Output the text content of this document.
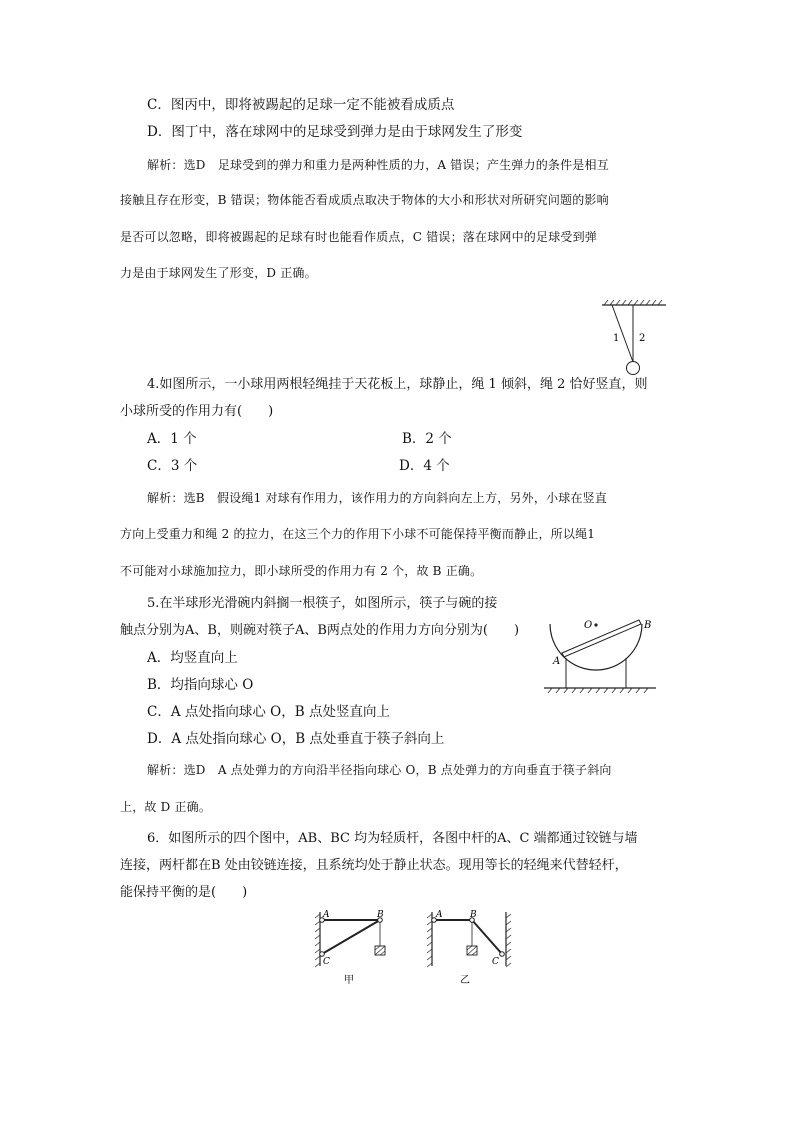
C．图丙中，即将被踢起的足球一定不能被看成质点
D．图丁中，落在球网中的足球受到弹力是由于球网发生了形变
解析：选D　足球受到的弹力和重力是两种性质的力，A 错误；产生弹力的条件是相互
接触且存在形变，B 错误；物体能否看成质点取决于物体的大小和形状对所研究问题的影响
是否可以忽略，即将被踢起的足球有时也能看作质点，C 错误；落在球网中的足球受到弹
力是由于球网发生了形变，D 正确。
1 2
4.如图所示，一小球用两根轻绳挂于天花板上，球静止，绳 1 倾斜，绳 2 恰好竖直，则
小球所受的作用力有(　　)
A．1 个	B．2 个
C．3 个	D．4 个
解析：选B　假设绳1 对球有作用力，该作用力的方向斜向左上方，另外，小球在竖直
方向上受重力和绳 2 的拉力，在这三个力的作用下小球不可能保持平衡而静止，所以绳1
不可能对小球施加拉力，即小球所受的作用力有 2 个，故 B 正确。
5.在半球形光滑碗内斜搁一根筷子，如图所示，筷子与碗的接
触点分别为A、B，则碗对筷子A、B两点处的作用力方向分别为(　　)
A．均竖直向上
B．均指向球心 O
C．A 点处指向球心 O，B 点处竖直向上
D．A 点处指向球心 O，B 点处垂直于筷子斜向上
O
A
B
解析：选D　A 点处弹力的方向沿半径指向球心 O，B 点处弹力的方向垂直于筷子斜向
上，故 D 正确。
6．如图所示的四个图中，AB、BC 均为轻质杆，各图中杆的A、C 端都通过铰链与墙
连接，两杆都在B 处由铰链连接，且系统均处于静止状态。现用等长的轻绳来代替轻杆，
能保持平衡的是(　　)
A	B
C
甲
A	B
C
乙
